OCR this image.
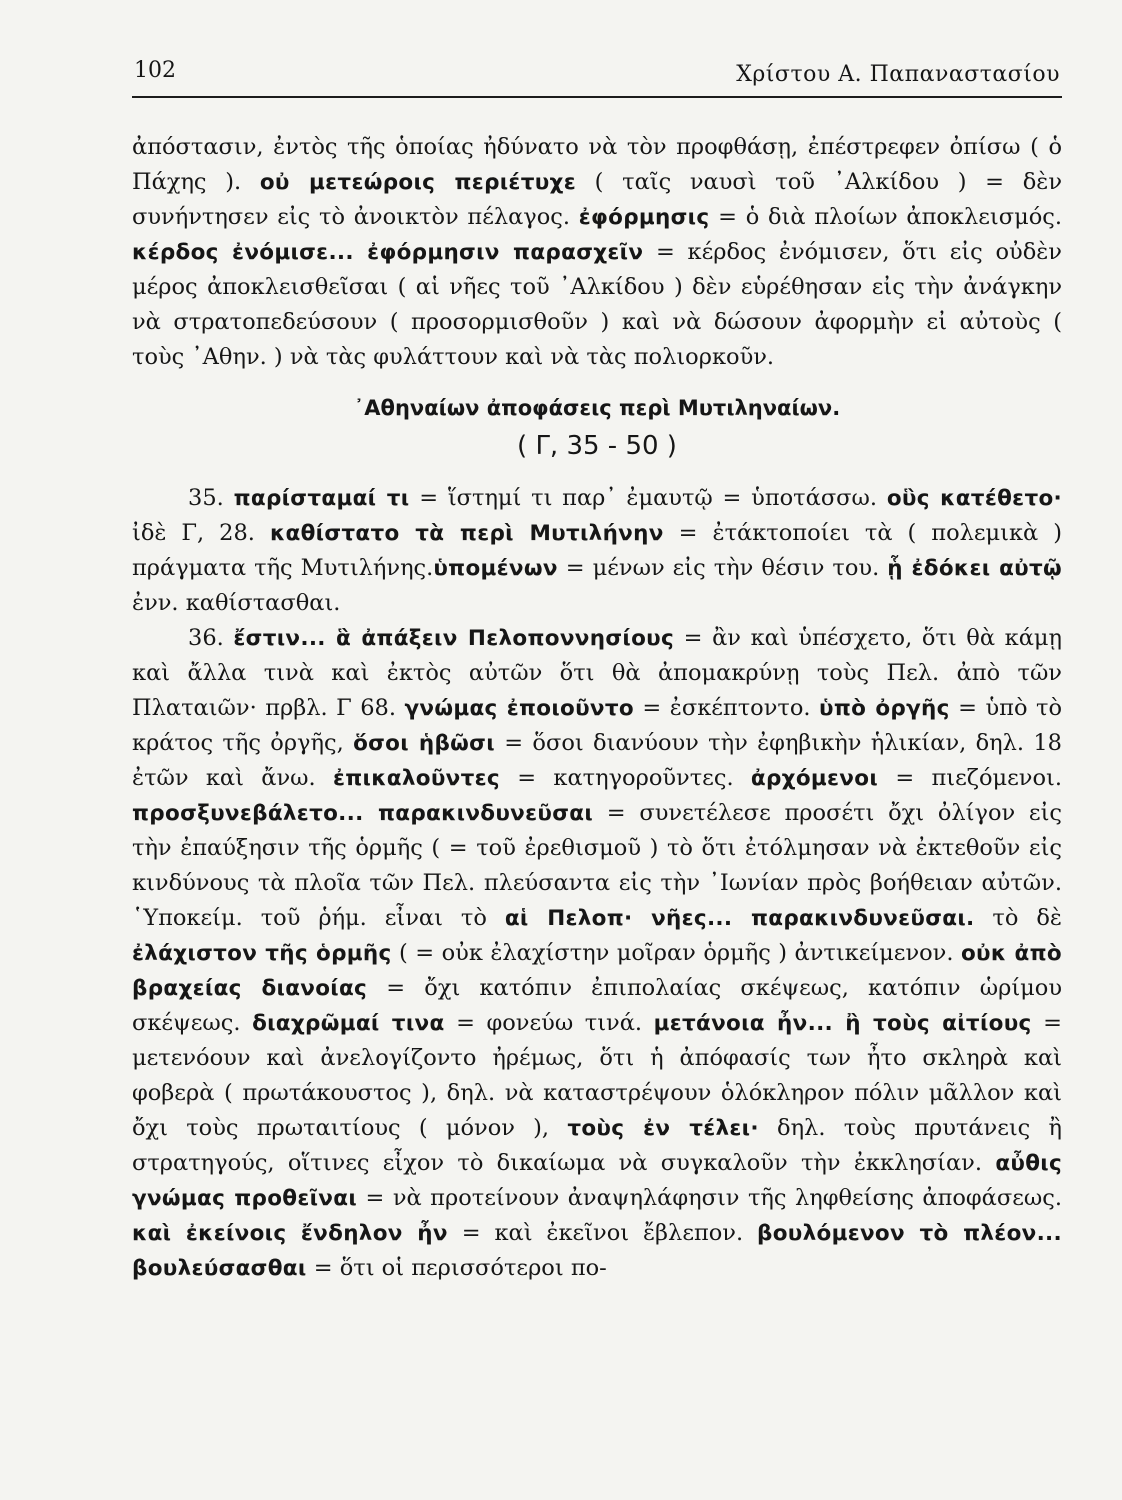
102	Χρίστου Α. Παπαναστασίου

ἀπόστασιν, ἐντὸς τῆς ὁποίας ἠδύνατο νὰ τὸν προφθάσῃ, ἐπέστρεφεν ὀπίσω ( ὁ Πάχης ). οὐ μετεώροις περιέτυχε ( ταῖς ναυσὶ τοῦ ᾽Αλκίδου ) = δὲν συνήντησεν εἰς τὸ ἀνοικτὸν πέλαγος. ἐφόρμησις = ὁ διὰ πλοίων ἀποκλεισμός. κέρδος ἐνόμισε... ἐφόρμησιν παρασχεῖν = κέρδος ἐνόμισεν, ὅτι εἰς οὐδὲν μέρος ἀποκλεισθεῖσαι ( αἱ νῆες τοῦ ᾽Αλκίδου ) δὲν εὑρέθησαν εἰς τὴν ἀνάγκην νὰ στρατοπεδεύσουν ( προσορμισθοῦν ) καὶ νὰ δώσουν ἀφορμὴν εἰ αὐτοὺς ( τοὺς ᾽Αθην. ) νὰ τὰς φυλάττουν καὶ νὰ τὰς πολιορκοῦν.

᾽Αθηναίων ἀποφάσεις περὶ Μυτιληναίων.
( Γ, 35 - 50 )

35. παρίσταμαί τι = ἵστημί τι παρ᾽ ἐμαυτῷ = ὑποτάσσω. οὓς κατέθετο· ἰδὲ Γ, 28. καθίστατο τὰ περὶ Μυτιλήνην = ἐτάκτοποίει τὰ ( πολεμικὰ ) πράγματα τῆς Μυτιλήνης.ὑπομένων = μένων εἰς τὴν θέσιν του. ᾗ ἐδόκει αὐτῷ ἐνν. καθίστασθαι.

36. ἔστιν... ἃ ἀπάξειν Πελοποννησίους = ἂν καὶ ὑπέσχετο, ὅτι θὰ κάμῃ καὶ ἄλλα τινὰ καὶ ἐκτὸς αὐτῶν ὅτι θὰ ἀπομακρύνῃ τοὺς Πελ. ἀπὸ τῶν Πλαταιῶν· πρβλ. Γ 68. γνώμας ἐποιοῦντο = ἐσκέπτοντο. ὑπὸ ὀργῆς = ὑπὸ τὸ κράτος τῆς ὀργῆς, ὅσοι ἡβῶσι = ὅσοι διανύουν τὴν ἐφηβικὴν ἡλικίαν, δηλ. 18 ἐτῶν καὶ ἄνω. ἐπικαλοῦντες = κατηγοροῦντες. ἀρχόμενοι = πιεζόμενοι. προσξυνεβάλετο... παρακινδυνεῦσαι = συνετέλεσε προσέτι ὄχι ὀλίγον εἰς τὴν ἐπαύξησιν τῆς ὁρμῆς ( = τοῦ ἐρεθισμοῦ ) τὸ ὅτι ἐτόλμησαν νὰ ἐκτεθοῦν εἰς κινδύνους τὰ πλοῖα τῶν Πελ. πλεύσαντα εἰς τὴν ᾽Ιωνίαν πρὸς βοήθειαν αὐτῶν. ῾Υποκείμ. τοῦ ῥήμ. εἶναι τὸ αἱ Πελοπ· νῆες... παρακινδυνεῦσαι. τὸ δὲ ἐλάχιστον τῆς ὁρμῆς ( = οὐκ ἐλαχίστην μοῖραν ὁρμῆς ) ἀντικείμενον. οὐκ ἀπὸ βραχείας διανοίας = ὄχι κατόπιν ἐπιπολαίας σκέψεως, κατόπιν ὡρίμου σκέψεως. διαχρῶμαί τινα = φονεύω τινά. μετάνοια ἦν... ἢ τοὺς αἰτίους = μετενόουν καὶ ἀνελογίζοντο ἠρέμως, ὅτι ἡ ἀπόφασίς των ἦτο σκληρὰ καὶ φοβερὰ ( πρωτάκουστος ), δηλ. νὰ καταστρέψουν ὁλόκληρον πόλιν μᾶλλον καὶ ὄχι τοὺς πρωταιτίους ( μόνον ), τοὺς ἐν τέλει· δηλ. τοὺς πρυτάνεις ἢ στρατηγούς, οἵτινες εἶχον τὸ δικαίωμα νὰ συγκαλοῦν τὴν ἐκκλησίαν. αὖθις γνώμας προθεῖναι = νὰ προτείνουν ἀναψηλάφησιν τῆς ληφθείσης ἀποφάσεως. καὶ ἐκείνοις ἔνδηλον ἦν = καὶ ἐκεῖνοι ἔβλεπον. βουλόμενον τὸ πλέον... βουλεύσασθαι = ὅτι οἱ περισσότεροι πο-
